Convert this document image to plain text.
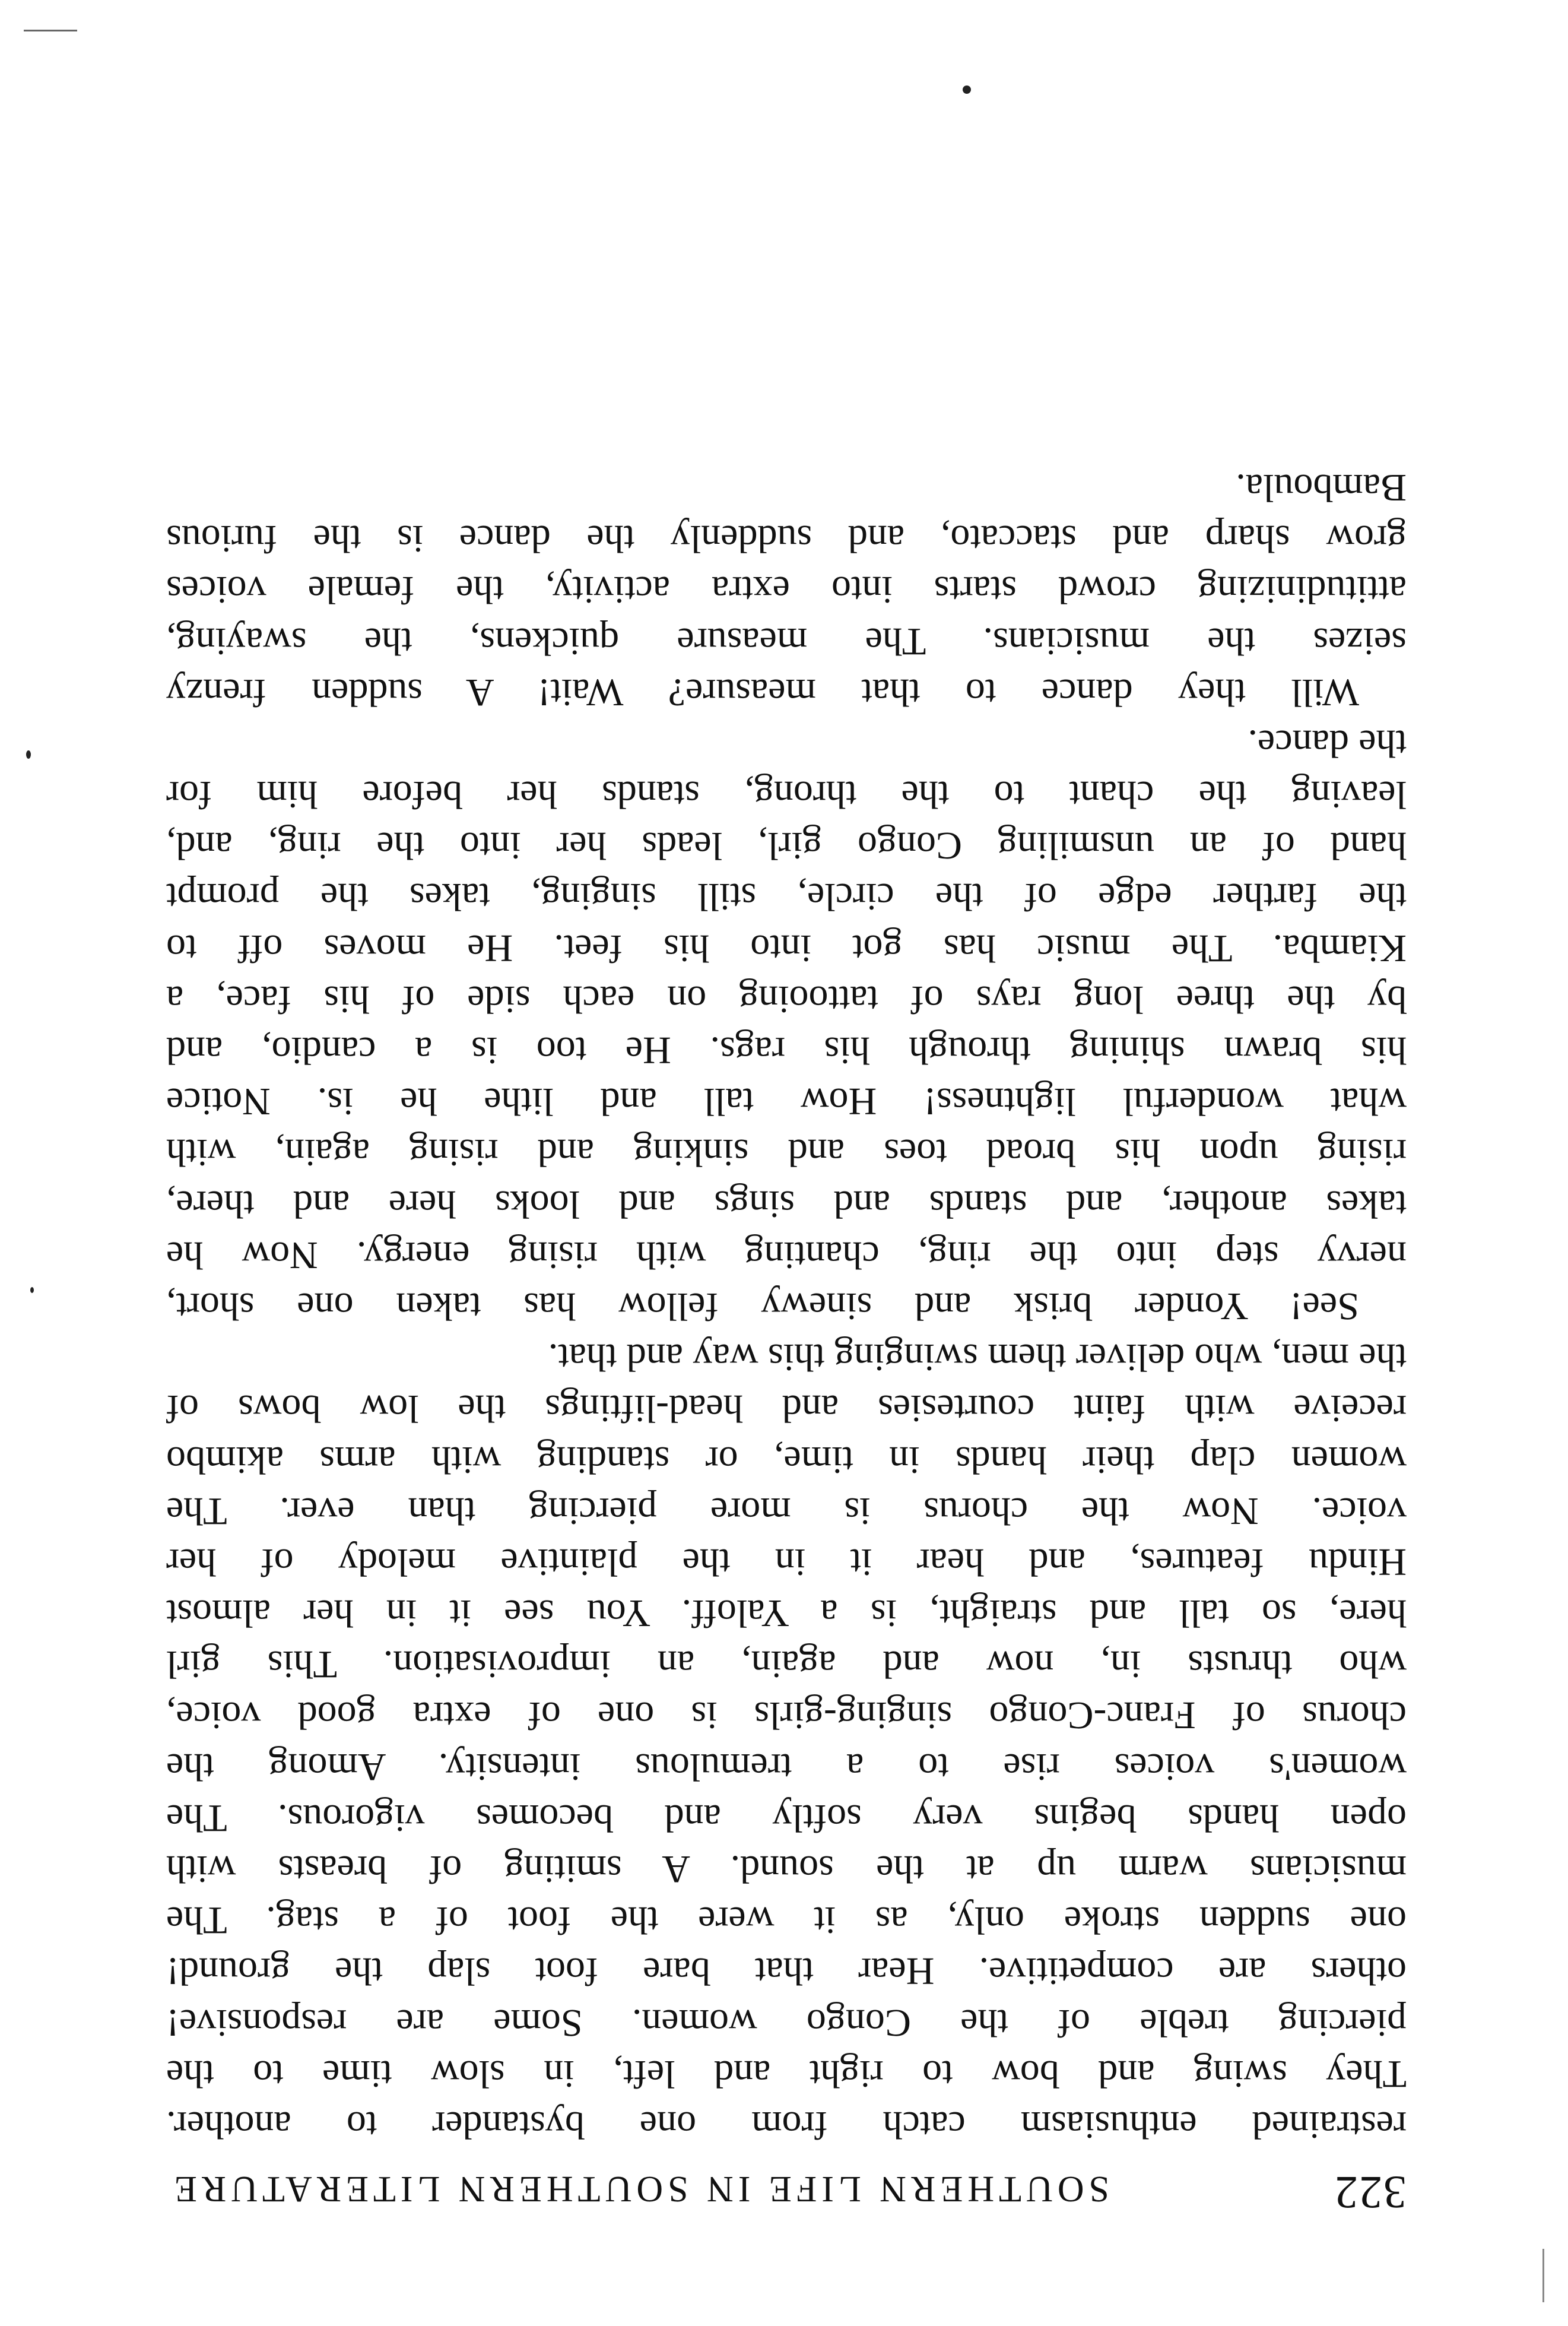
322
SOUTHERN LIFE IN SOUTHERN LITERATURE
restrained enthusiasm catch from one bystander to another.
They swing and bow to right and left, in slow time to the
piercing treble of the Congo women. Some are responsive!
others are competitive. Hear that bare foot slap the ground!
one sudden stroke only, as it were the foot of a stag. The
musicians warm up at the sound. A smiting of breasts with
open hands begins very softly and becomes vigorous. The
women's voices rise to a tremulous intensity. Among the
chorus of Franc-Congo singing-girls is one of extra good voice,
who thrusts in, now and again, an improvisation. This girl
here, so tall and straight, is a Yaloff. You see it in her almost
Hindu features, and hear it in the plaintive melody of her
voice. Now the chorus is more piercing than ever. The
women clap their hands in time, or standing with arms akimbo
receive with faint courtesies and head-liftings the low bows of
the men, who deliver them swinging this way and that.
See! Yonder brisk and sinewy fellow has taken one short,
nervy step into the ring, chanting with rising energy. Now he
takes another, and stands and sings and looks here and there,
rising upon his broad toes and sinking and rising again, with
what wonderful lightness! How tall and lithe he is. Notice
his brawn shining through his rags. He too is a candio, and
by the three long rays of tattooing on each side of his face, a
Kiamba. The music has got into his feet. He moves off to
the farther edge of the circle, still singing, takes the prompt
hand of an unsmiling Congo girl, leads her into the ring, and,
leaving the chant to the throng, stands her before him for
the dance.
Will they dance to that measure? Wait! A sudden frenzy
seizes the musicians. The measure quickens, the swaying,
attitudinizing crowd starts into extra activity, the female voices
grow sharp and staccato, and suddenly the dance is the furious
Bamboula.
